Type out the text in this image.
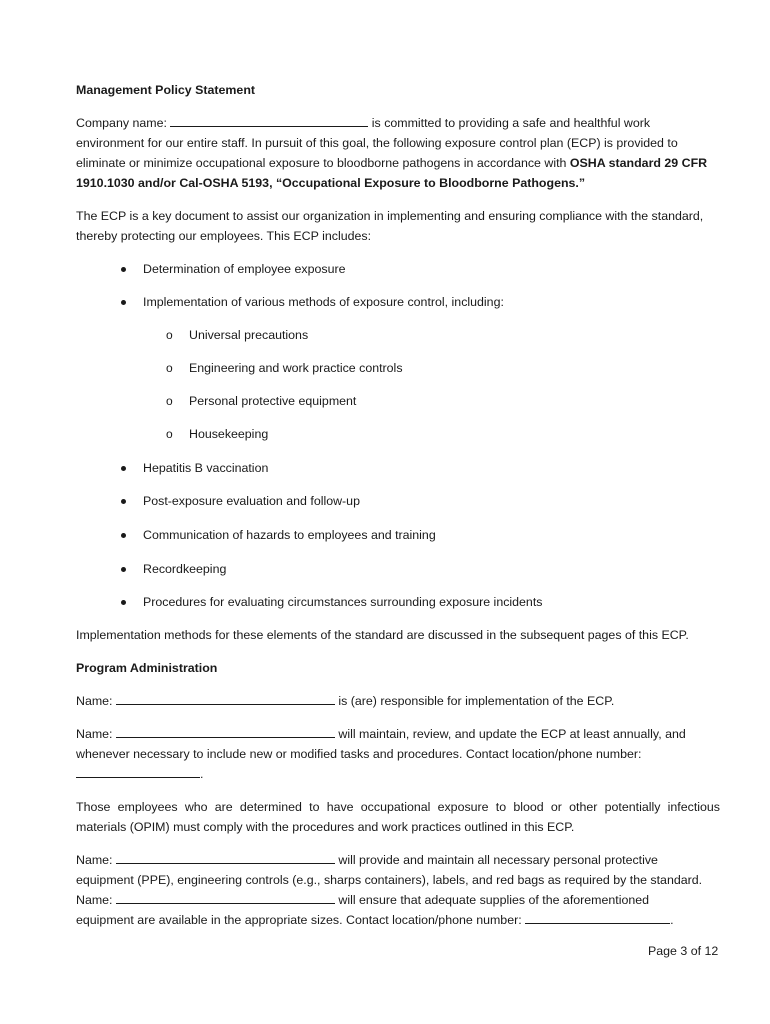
Management Policy Statement
Company name:	is committed to providing a safe and healthful work
environment for our entire staff. In pursuit of this goal, the following exposure control plan (ECP) is provided to
eliminate or minimize occupational exposure to bloodborne pathogens in accordance with OSHA standard 29 CFR
1910.1030 and/or Cal-OSHA 5193, “Occupational Exposure to Bloodborne Pathogens.”
The ECP is a key document to assist our organization in implementing and ensuring compliance with the standard,
thereby protecting our employees. This ECP includes:
Determination of employee exposure
Implementation of various methods of exposure control, including:
o Universal precautions
o Engineering and work practice controls
o Personal protective equipment
o Housekeeping
Hepatitis B vaccination
Post-exposure evaluation and follow-up
Communication of hazards to employees and training
Recordkeeping
Procedures for evaluating circumstances surrounding exposure incidents
Implementation methods for these elements of the standard are discussed in the subsequent pages of this ECP.
Program Administration
Name:	is (are) responsible for implementation of the ECP.
Name:	will maintain, review, and update the ECP at least annually, and
whenever necessary to include new or modified tasks and procedures. Contact location/phone number:
.
Those employees who are determined to have occupational exposure to blood or other potentially infectious
materials (OPIM) must comply with the procedures and work practices outlined in this ECP.
Name:	will provide and maintain all necessary personal protective
equipment (PPE), engineering controls (e.g., sharps containers), labels, and red bags as required by the standard.
Name:	will ensure that adequate supplies of the aforementioned
equipment are available in the appropriate sizes. Contact location/phone number:	.
Page 3 of 12
